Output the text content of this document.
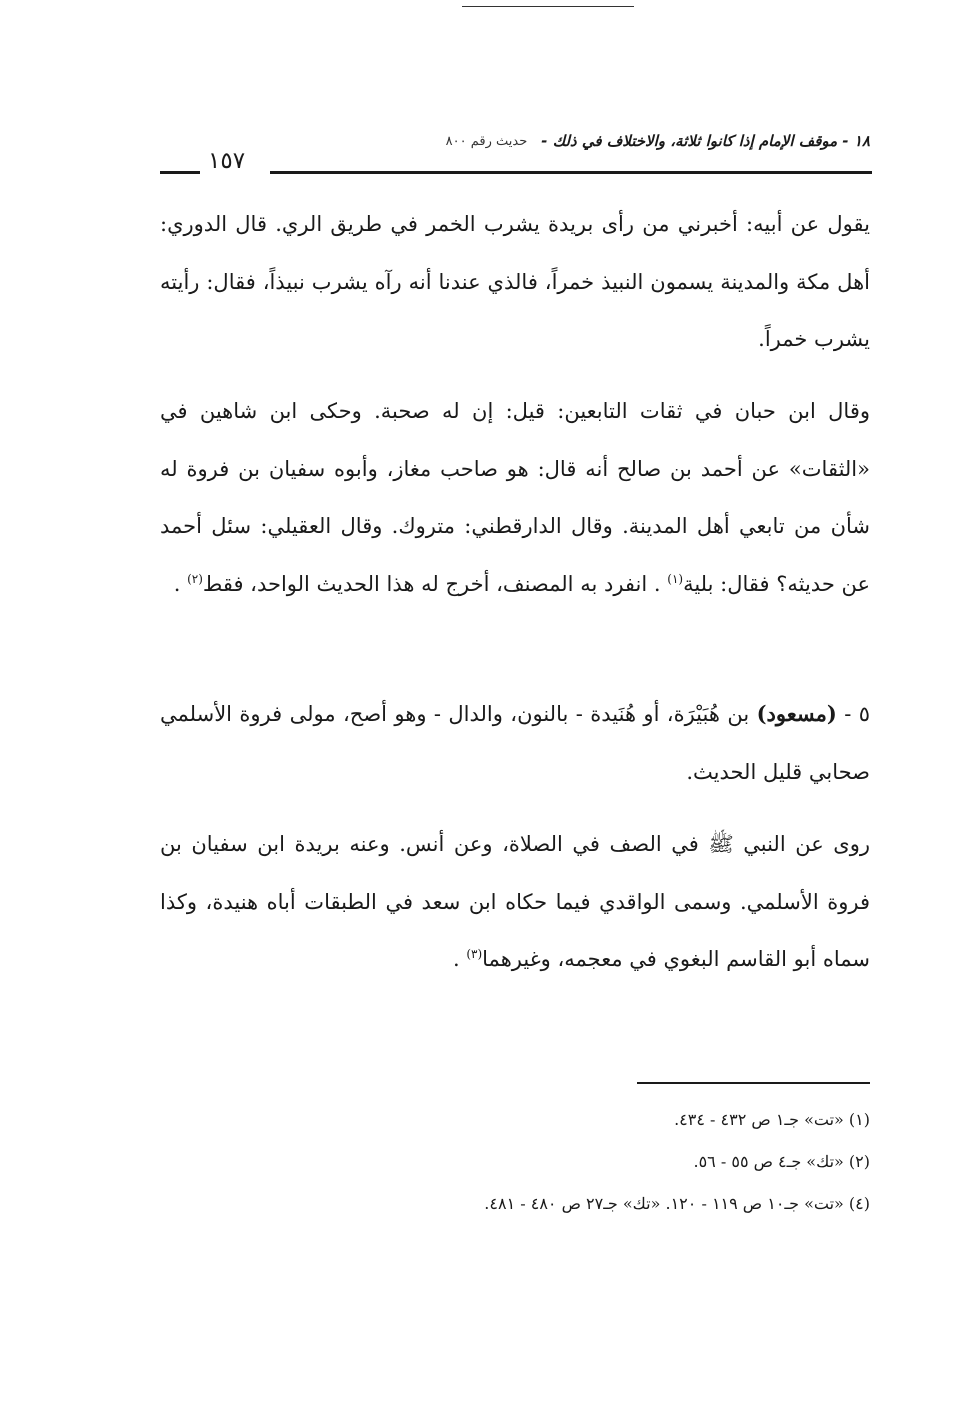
١٨ - موقف الإمام إذا كانوا ثلاثة، والاختلاف في ذلك -
حديث رقم ٨٠٠
١٥٧
يقول عن أبيه: أخبرني من رأى بريدة يشرب الخمر في طريق الري. قال الدوري: أهل مكة والمدينة يسمون النبيذ خمراً، فالذي عندنا أنه رآه يشرب نبيذاً، فقال: رأيته يشرب خمراً.
وقال ابن حبان في ثقات التابعين: قيل: إن له صحبة. وحكى ابن شاهين في «الثقات» عن أحمد بن صالح أنه قال: هو صاحب مغاز، وأبوه سفيان بن فروة له شأن من تابعي أهل المدينة. وقال الدارقطني: متروك. وقال العقيلي: سئل أحمد عن حديثه؟ فقال: بلية$^{(١)}$ . انفرد به المصنف، أخرج له هذا الحديث الواحد، فقط$^{(٢)}$ .
٥ - (مسعود) بن هُبَيْرَة، أو هُنَيدة - بالنون، والدال - وهو أصح، مولى فروة الأسلمي صحابي قليل الحديث.
روى عن النبي ﷺ في الصف في الصلاة، وعن أنس. وعنه بريدة ابن سفيان بن فروة الأسلمي. وسمى الواقدي فيما حكاه ابن سعد في الطبقات أباه هنيدة، وكذا سماه أبو القاسم البغوي في معجمه، وغيرهما$^{(٣)}$ .
(١) «تت» جـ١ ص ٤٣٢ - ٤٣٤.
(٢) «تك» جـ٤ ص ٥٥ - ٥٦.
(٤) «تت» جـ١٠ ص ١١٩ - ١٢٠. «تك» جـ٢٧ ص ٤٨٠ - ٤٨١.
